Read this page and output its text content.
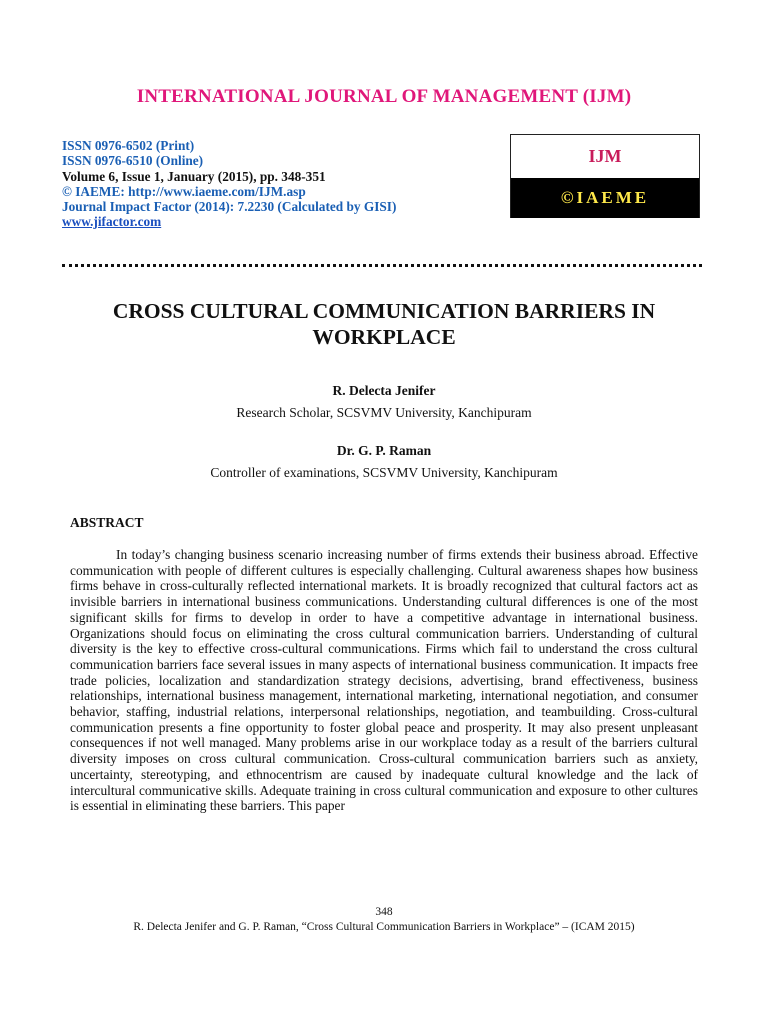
INTERNATIONAL JOURNAL OF MANAGEMENT (IJM)
ISSN 0976-6502 (Print)
ISSN 0976-6510 (Online)
Volume 6, Issue 1, January (2015), pp. 348-351
© IAEME: http://www.iaeme.com/IJM.asp
Journal Impact Factor (2014): 7.2230 (Calculated by GISI)
www.jifactor.com
IJM
©IAEME
CROSS CULTURAL COMMUNICATION BARRIERS IN WORKPLACE
R. Delecta Jenifer
Research Scholar, SCSVMV University, Kanchipuram
Dr. G. P. Raman
Controller of examinations, SCSVMV University, Kanchipuram
ABSTRACT
In today’s changing business scenario increasing number of firms extends their business abroad. Effective communication with people of different cultures is especially challenging. Cultural awareness shapes how business firms behave in cross-culturally reflected international markets. It is broadly recognized that cultural factors act as invisible barriers in international business communications. Understanding cultural differences is one of the most significant skills for firms to develop in order to have a competitive advantage in international business. Organizations should focus on eliminating the cross cultural communication barriers. Understanding of cultural diversity is the key to effective cross-cultural communications. Firms which fail to understand the cross cultural communication barriers face several issues in many aspects of international business communication. It impacts free trade policies, localization and standardization strategy decisions, advertising, brand effectiveness, business relationships, international business management, international marketing, international negotiation, and consumer behavior, staffing, industrial relations, interpersonal relationships, negotiation, and teambuilding. Cross-cultural communication presents a fine opportunity to foster global peace and prosperity. It may also present unpleasant consequences if not well managed. Many problems arise in our workplace today as a result of the barriers cultural diversity imposes on cross cultural communication. Cross-cultural communication barriers such as anxiety, uncertainty, stereotyping, and ethnocentrism are caused by inadequate cultural knowledge and the lack of intercultural communicative skills. Adequate training in cross cultural communication and exposure to other cultures is essential in eliminating these barriers. This paper
348
R. Delecta Jenifer and G. P. Raman, “Cross Cultural Communication Barriers in Workplace” – (ICAM 2015)
